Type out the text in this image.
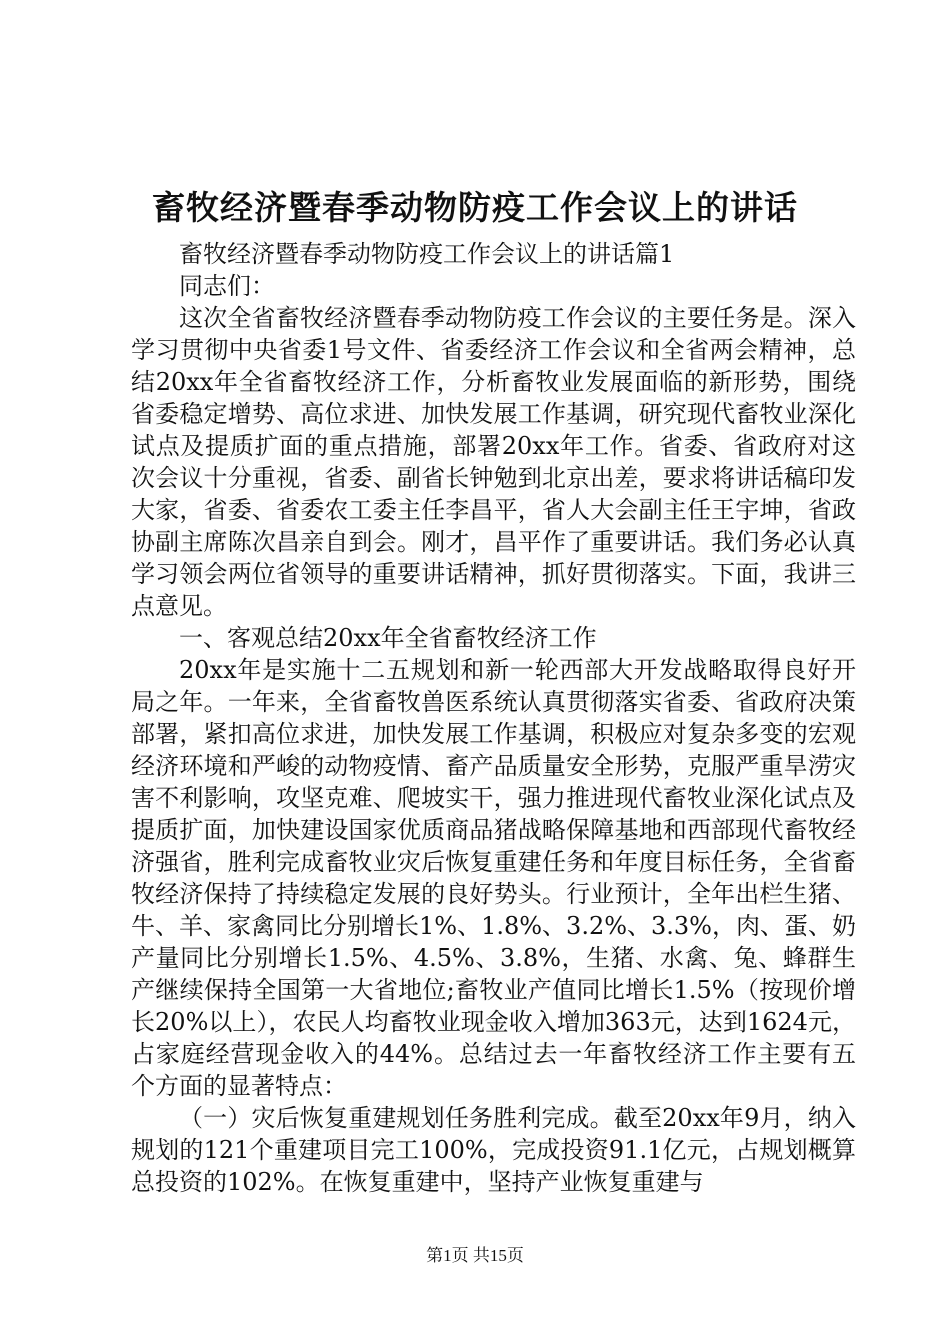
畜牧经济暨春季动物防疫工作会议上的讲话

畜牧经济暨春季动物防疫工作会议上的讲话篇1

同志们：

这次全省畜牧经济暨春季动物防疫工作会议的主要任务是。深入学习贯彻中央省委1号文件、省委经济工作会议和全省两会精神，总结20xx年全省畜牧经济工作，分析畜牧业发展面临的新形势，围绕省委稳定增势、高位求进、加快发展工作基调，研究现代畜牧业深化试点及提质扩面的重点措施，部署20xx年工作。省委、省政府对这次会议十分重视，省委、副省长钟勉到北京出差，要求将讲话稿印发大家，省委、省委农工委主任李昌平，省人大会副主任王宇坤，省政协副主席陈次昌亲自到会。刚才，昌平作了重要讲话。我们务必认真学习领会两位省领导的重要讲话精神，抓好贯彻落实。下面，我讲三点意见。

一、客观总结20xx年全省畜牧经济工作

20xx年是实施十二五规划和新一轮西部大开发战略取得良好开局之年。一年来，全省畜牧兽医系统认真贯彻落实省委、省政府决策部署，紧扣高位求进，加快发展工作基调，积极应对复杂多变的宏观经济环境和严峻的动物疫情、畜产品质量安全形势，克服严重旱涝灾害不利影响，攻坚克难、爬坡实干，强力推进现代畜牧业深化试点及提质扩面，加快建设国家优质商品猪战略保障基地和西部现代畜牧经济强省，胜利完成畜牧业灾后恢复重建任务和年度目标任务，全省畜牧经济保持了持续稳定发展的良好势头。行业预计，全年出栏生猪、牛、羊、家禽同比分别增长1%、1.8%、3.2%、3.3%，肉、蛋、奶产量同比分别增长1.5%、4.5%、3.8%，生猪、水禽、兔、蜂群生产继续保持全国第一大省地位;畜牧业产值同比增长1.5%（按现价增长20%以上），农民人均畜牧业现金收入增加363元，达到1624元，占家庭经营现金收入的44%。总结过去一年畜牧经济工作主要有五个方面的显著特点：

（一）灾后恢复重建规划任务胜利完成。截至20xx年9月，纳入规划的121个重建项目完工100%，完成投资91.1亿元，占规划概算总投资的102%。在恢复重建中，坚持产业恢复重建与

第1页 共15页
